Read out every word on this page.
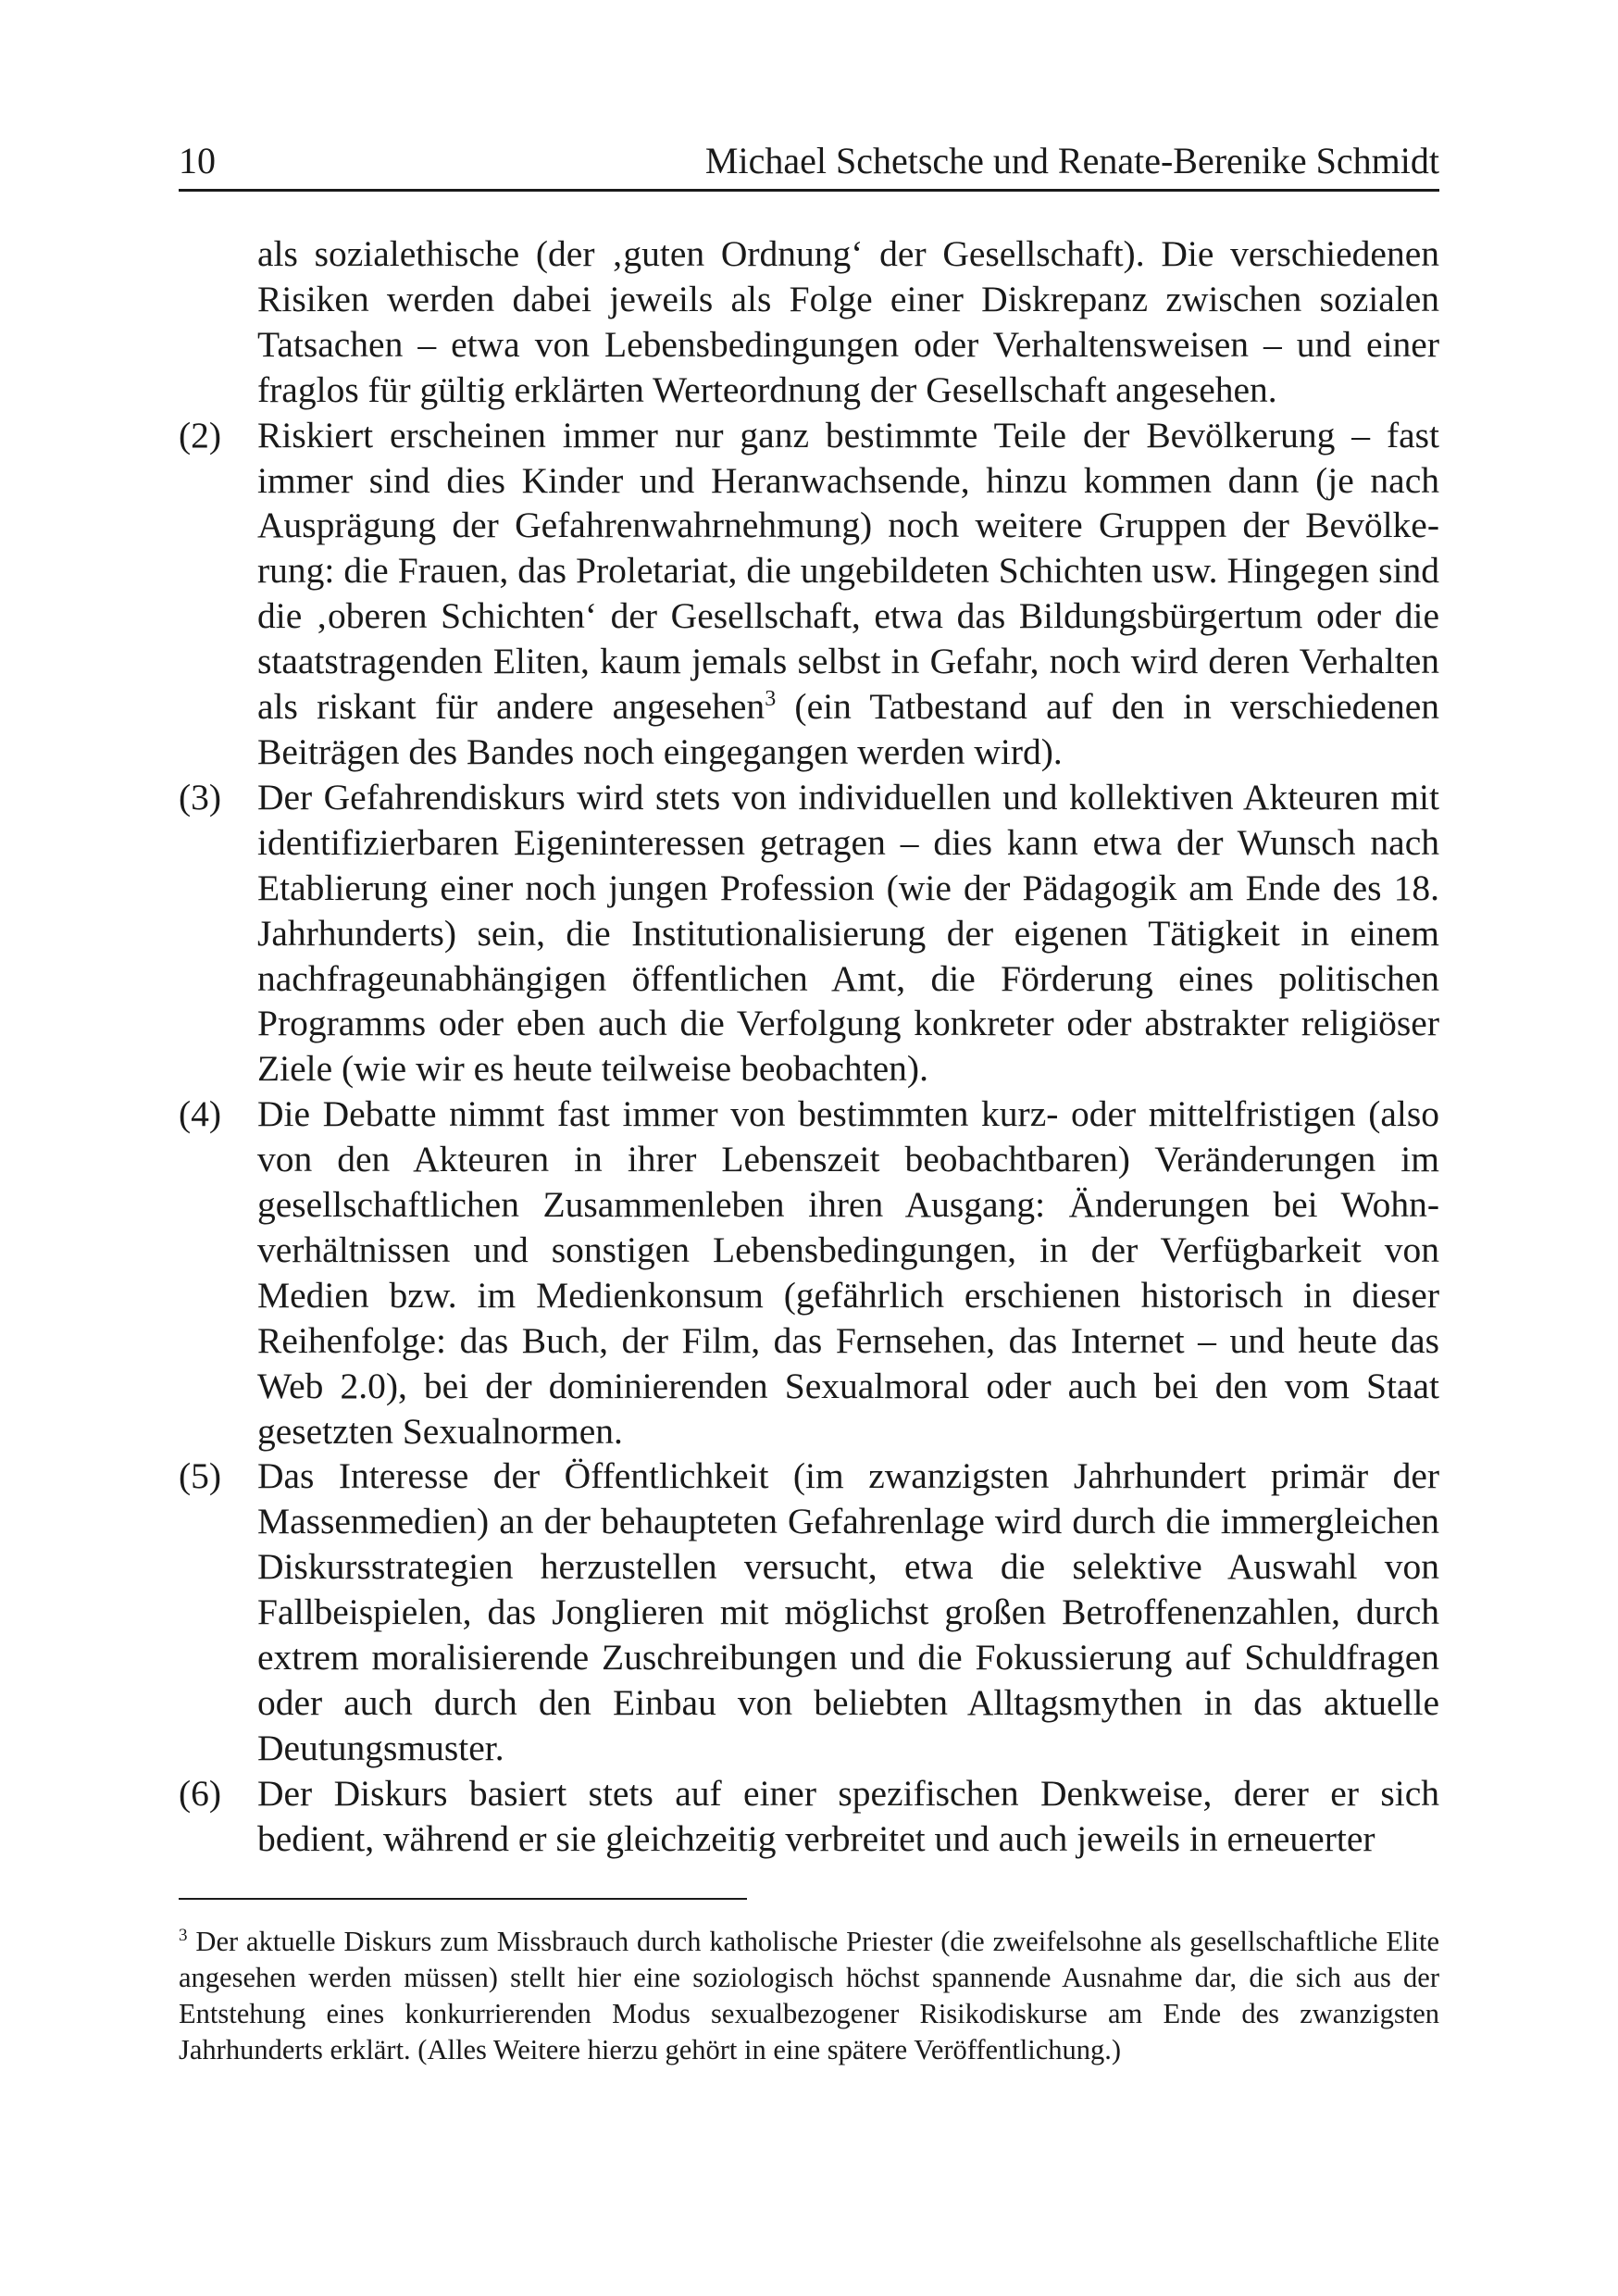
10	Michael Schetsche und Renate-Berenike Schmidt

als sozialethische (der ‚guten Ordnung‘ der Gesellschaft). Die verschiedenen Risiken werden dabei jeweils als Folge einer Diskrepanz zwischen sozialen Tatsachen – etwa von Lebensbedingungen oder Verhaltensweisen – und einer fraglos für gültig erklärten Werteordnung der Gesellschaft angesehen.

(2) Riskiert erscheinen immer nur ganz bestimmte Teile der Bevölkerung – fast immer sind dies Kinder und Heranwachsende, hinzu kommen dann (je nach Ausprägung der Gefahrenwahrnehmung) noch weitere Gruppen der Bevölkerung: die Frauen, das Proletariat, die ungebildeten Schichten usw. Hingegen sind die ‚oberen Schichten‘ der Gesellschaft, etwa das Bildungsbürgertum oder die staatstragenden Eliten, kaum jemals selbst in Gefahr, noch wird deren Verhalten als riskant für andere angesehen$^3$ (ein Tatbestand auf den in verschiedenen Beiträgen des Bandes noch eingegangen werden wird).

(3) Der Gefahrendiskurs wird stets von individuellen und kollektiven Akteuren mit identifizierbaren Eigeninteressen getragen – dies kann etwa der Wunsch nach Etablierung einer noch jungen Profession (wie der Pädagogik am Ende des 18. Jahrhunderts) sein, die Institutionalisierung der eigenen Tätigkeit in einem nachfrageunabhängigen öffentlichen Amt, die Förderung eines politischen Programms oder eben auch die Verfolgung konkreter oder abstrakter religiöser Ziele (wie wir es heute teilweise beobachten).

(4) Die Debatte nimmt fast immer von bestimmten kurz- oder mittelfristigen (also von den Akteuren in ihrer Lebenszeit beobachtbaren) Veränderungen im gesellschaftlichen Zusammenleben ihren Ausgang: Änderungen bei Wohnverhältnissen und sonstigen Lebensbedingungen, in der Verfügbarkeit von Medien bzw. im Medienkonsum (gefährlich erschienen historisch in dieser Reihenfolge: das Buch, der Film, das Fernsehen, das Internet – und heute das Web 2.0), bei der dominierenden Sexualmoral oder auch bei den vom Staat gesetzten Sexualnormen.

(5) Das Interesse der Öffentlichkeit (im zwanzigsten Jahrhundert primär der Massenmedien) an der behaupteten Gefahrenlage wird durch die immergleichen Diskursstrategien herzustellen versucht, etwa die selektive Auswahl von Fallbeispielen, das Jonglieren mit möglichst großen Betroffenenzahlen, durch extrem moralisierende Zuschreibungen und die Fokussierung auf Schuldfragen oder auch durch den Einbau von beliebten Alltagsmythen in das aktuelle Deutungsmuster.

(6) Der Diskurs basiert stets auf einer spezifischen Denkweise, derer er sich bedient, während er sie gleichzeitig verbreitet und auch jeweils in erneuerter

$^3$ Der aktuelle Diskurs zum Missbrauch durch katholische Priester (die zweifelsohne als gesellschaftliche Elite angesehen werden müssen) stellt hier eine soziologisch höchst spannende Ausnahme dar, die sich aus der Entstehung eines konkurrierenden Modus sexualbezogener Risikodiskurse am Ende des zwanzigsten Jahrhunderts erklärt. (Alles Weitere hierzu gehört in eine spätere Veröffentlichung.)
